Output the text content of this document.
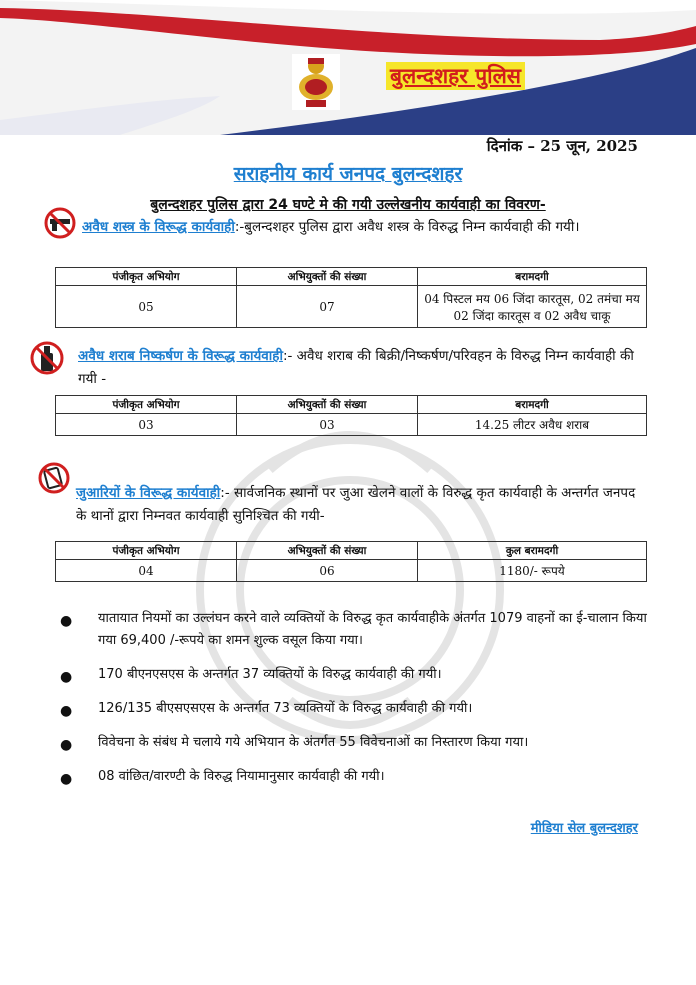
बुलन्दशहर पुलिस
दिनांक – 25 जून, 2025
सराहनीय कार्य जनपद बुलन्दशहर
बुलन्दशहर पुलिस द्वारा 24 घण्टे मे की गयी उल्लेखनीय कार्यवाही का विवरण-
अवैध शस्त्र के विरूद्ध कार्यवाही:-बुलन्दशहर पुलिस द्वारा अवैध शस्त्र के विरुद्ध निम्न कार्यवाही की गयी।
पंजीकृत अभियोग	अभियुक्तों की संख्या	बरामदगी
05	07	04 पिस्टल मय 06 जिंदा कारतूस, 02 तमंचा मय 02 जिंदा कारतूस व 02 अवैध चाकू
अवैध शराब निष्कर्षण के विरूद्ध कार्यवाही:- अवैध शराब की बिक्री/निष्कर्षण/परिवहन के विरुद्ध निम्न कार्यवाही की गयी -
पंजीकृत अभियोग	अभियुक्तों की संख्या	बरामदगी
03	03	14.25 लीटर अवैध शराब
जुआरियों के विरूद्ध कार्यवाही:- सार्वजनिक स्थानों पर जुआ खेलने वालों के विरुद्ध कृत कार्यवाही के अन्तर्गत जनपद के थानों द्वारा निम्नवत कार्यवाही सुनिश्चित की गयी-
पंजीकृत अभियोग	अभियुक्तों की संख्या	कुल बरामदगी
04	06	1180/- रूपये
● यातायात नियमों का उल्लंघन करने वाले व्यक्तियों के विरुद्ध कृत कार्यवाहीके अंतर्गत 1079 वाहनों का ई-चालान किया गया 69,400 /-रूपये का शमन शुल्क वसूल किया गया।
● 170 बीएनएसएस के अन्तर्गत 37 व्यक्तियों के विरुद्ध कार्यवाही की गयी।
● 126/135 बीएसएसएस के अन्तर्गत 73 व्यक्तियों के विरुद्ध कार्यवाही की गयी।
● विवेचना के संबंध मे चलाये गये अभियान के अंतर्गत 55 विवेचनाओं का निस्तारण किया गया।
● 08 वांछित/वारण्टी के विरुद्ध नियामानुसार कार्यवाही की गयी।
मीडिया सेल बुलन्दशहर
